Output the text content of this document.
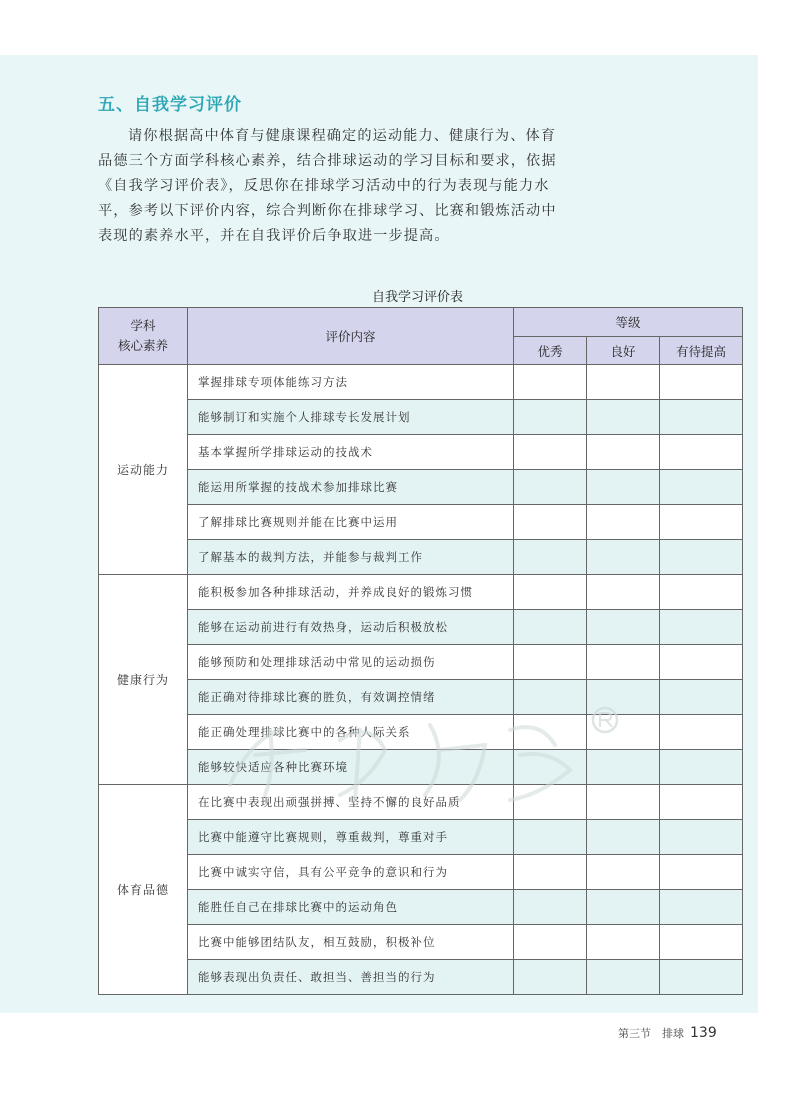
五、自我学习评价
请你根据高中体育与健康课程确定的运动能力、健康行为、体育品德三个方面学科核心素养，结合排球运动的学习目标和要求，依据《自我学习评价表》，反思你在排球学习活动中的行为表现与能力水平，参考以下评价内容，综合判断你在排球学习、比赛和锻炼活动中表现的素养水平，并在自我评价后争取进一步提高。
自我学习评价表
学科
核心素养	评价内容	等级		
		优秀	良好	有待提高
运动能力	掌握排球专项体能练习方法			
	能够制订和实施个人排球专长发展计划			
	基本掌握所学排球运动的技战术			
	能运用所掌握的技战术参加排球比赛			
	了解排球比赛规则并能在比赛中运用			
	了解基本的裁判方法，并能参与裁判工作			
健康行为	能积极参加各种排球活动，并养成良好的锻炼习惯			
	能够在运动前进行有效热身，运动后积极放松			
	能够预防和处理排球活动中常见的运动损伤			
	能正确对待排球比赛的胜负，有效调控情绪			
	能正确处理排球比赛中的各种人际关系			
	能够较快适应各种比赛环境			
体育品德	在比赛中表现出顽强拼搏、坚持不懈的良好品质			
	比赛中能遵守比赛规则，尊重裁判，尊重对手			
	比赛中诚实守信，具有公平竞争的意识和行为			
	能胜任自己在排球比赛中的运动角色			
	比赛中能够团结队友，相互鼓励，积极补位			
	能够表现出负责任、敢担当、善担当的行为			
第三节　排球 139
